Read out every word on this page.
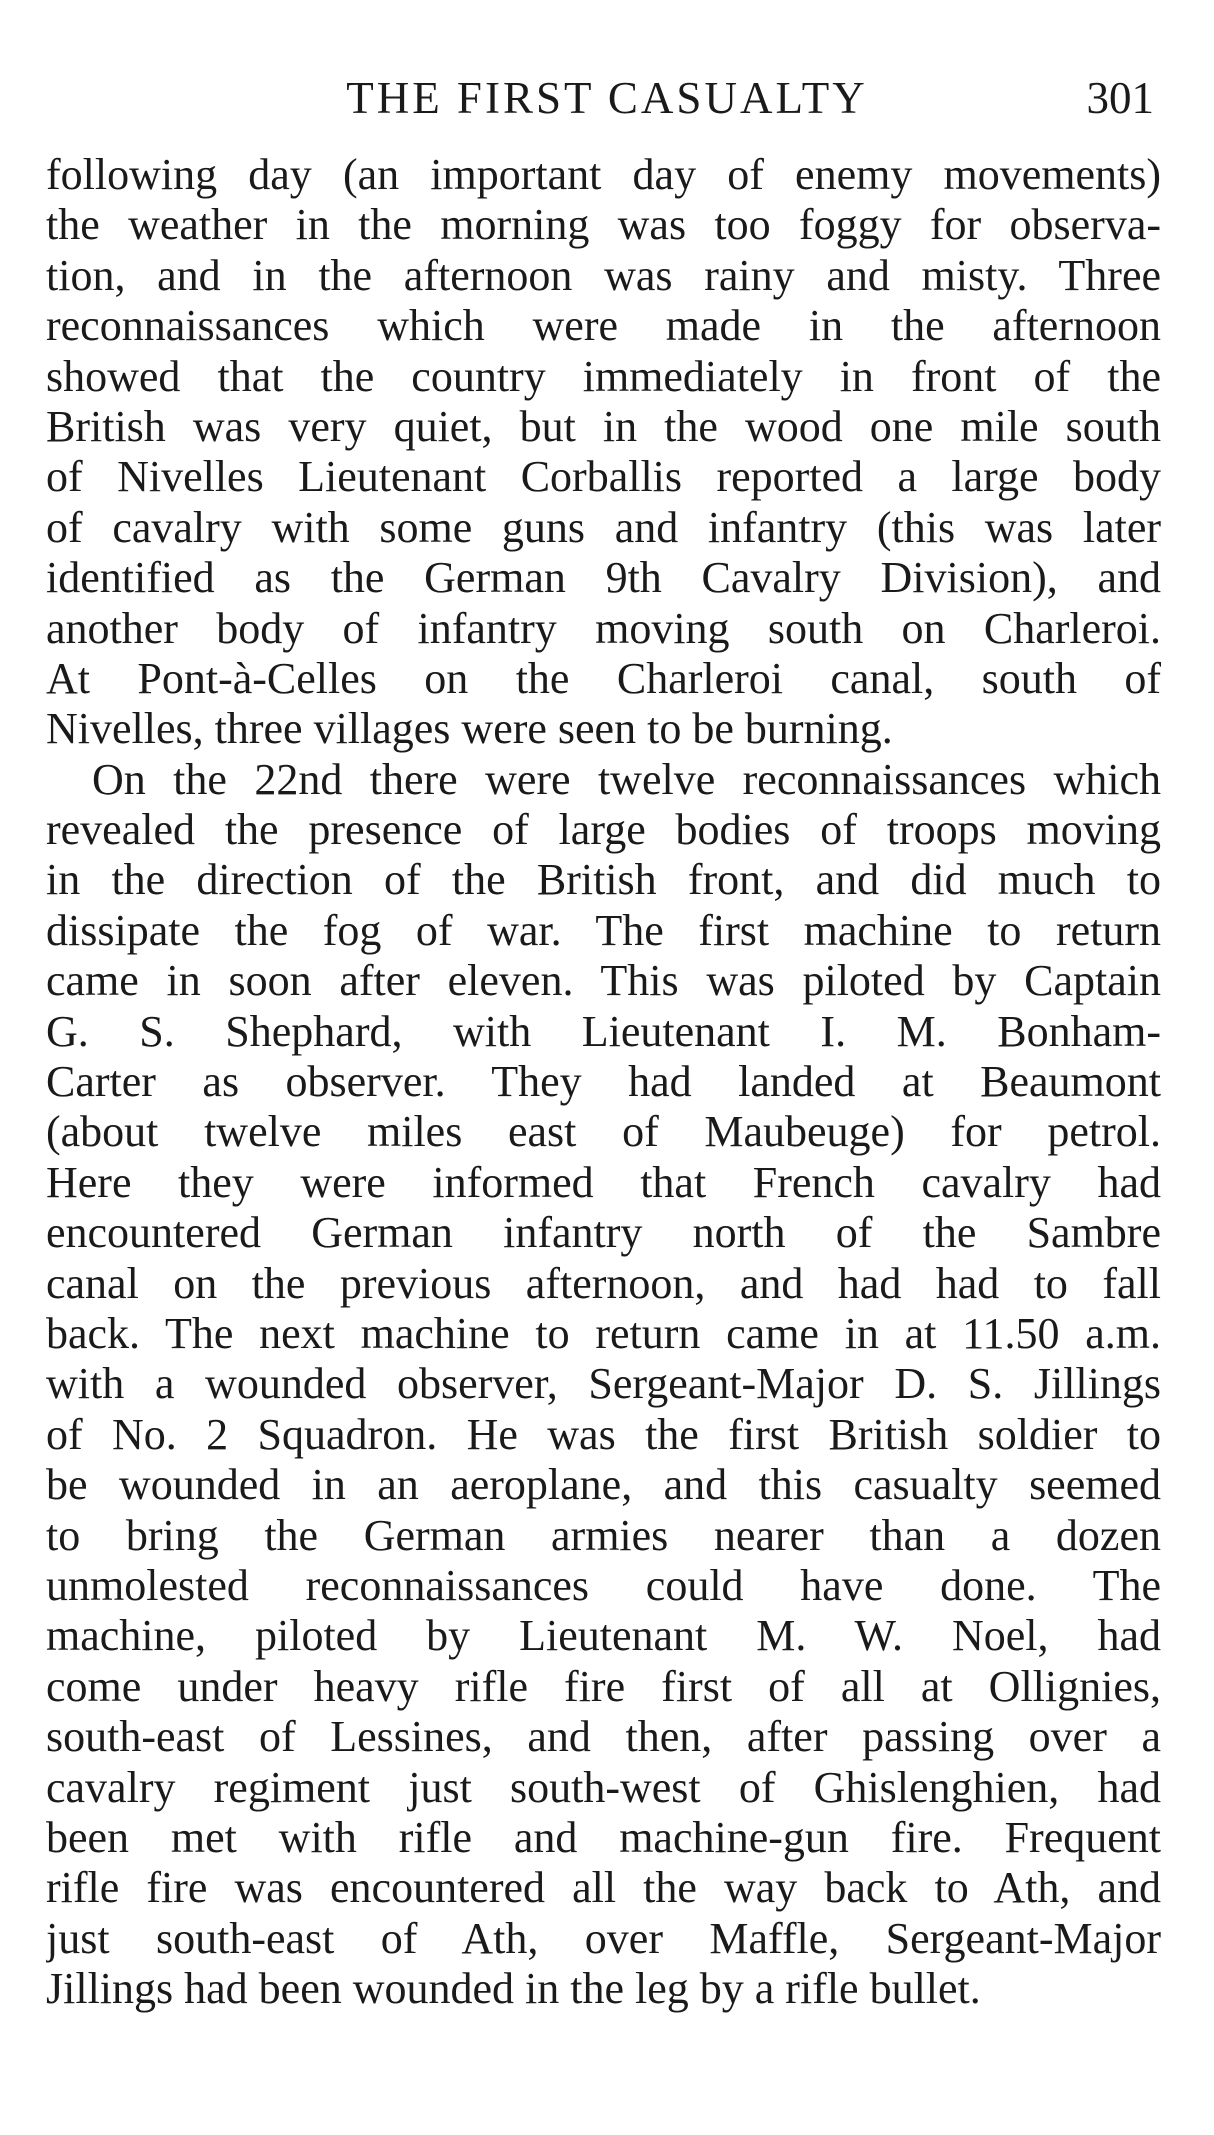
THE FIRST CASUALTY	301
following day (an important day of enemy movements)
the weather in the morning was too foggy for observa-
tion, and in the afternoon was rainy and misty. Three
reconnaissances which were made in the afternoon
showed that the country immediately in front of the
British was very quiet, but in the wood one mile south
of Nivelles Lieutenant Corballis reported a large body
of cavalry with some guns and infantry (this was later
identified as the German 9th Cavalry Division), and
another body of infantry moving south on Charleroi.
At Pont-à-Celles on the Charleroi canal, south of
Nivelles, three villages were seen to be burning.
On the 22nd there were twelve reconnaissances which
revealed the presence of large bodies of troops moving
in the direction of the British front, and did much to
dissipate the fog of war. The first machine to return
came in soon after eleven. This was piloted by Captain
G. S. Shephard, with Lieutenant I. M. Bonham-
Carter as observer. They had landed at Beaumont
(about twelve miles east of Maubeuge) for petrol.
Here they were informed that French cavalry had
encountered German infantry north of the Sambre
canal on the previous afternoon, and had had to fall
back. The next machine to return came in at 11.50 a.m.
with a wounded observer, Sergeant-Major D. S. Jillings
of No. 2 Squadron. He was the first British soldier to
be wounded in an aeroplane, and this casualty seemed
to bring the German armies nearer than a dozen
unmolested reconnaissances could have done. The
machine, piloted by Lieutenant M. W. Noel, had
come under heavy rifle fire first of all at Ollignies,
south-east of Lessines, and then, after passing over a
cavalry regiment just south-west of Ghislenghien, had
been met with rifle and machine-gun fire. Frequent
rifle fire was encountered all the way back to Ath, and
just south-east of Ath, over Maffle, Sergeant-Major
Jillings had been wounded in the leg by a rifle bullet.
